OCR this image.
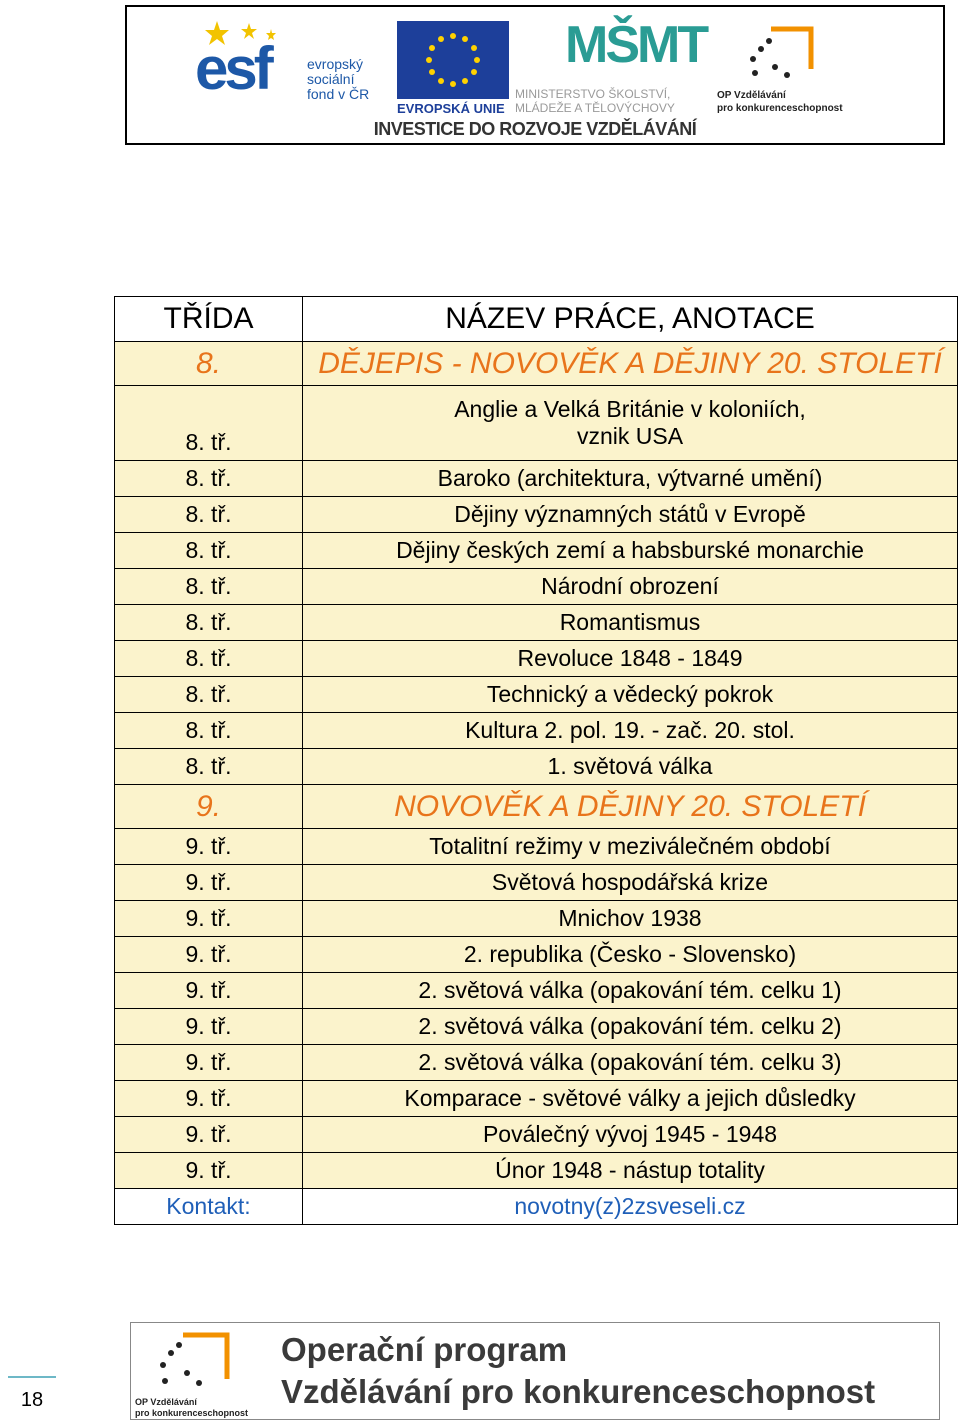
esf	evropský
sociální
fond v ČR
EVROPSKÁ UNIE
MŠMT
MINISTERSTVO ŠKOLSTVÍ,
MLÁDEŽE A TĚLOVÝCHOVY
OP Vzdělávání
pro konkurenceschopnost
INVESTICE DO ROZVOJE VZDĚLÁVÁNÍ
TŘÍDA	NÁZEV PRÁCE, ANOTACE
8.	DĚJEPIS - NOVOVĚK A DĚJINY 20. STOLETÍ
8. tř.	Anglie a Velká Británie v koloniích,
vznik USA

8. tř.	Baroko (architektura, výtvarné umění)
8. tř.	Dějiny významných států v Evropě
8. tř.	Dějiny českých zemí a habsburské monarchie
8. tř.	Národní obrození
8. tř.	Romantismus
8. tř.	Revoluce 1848 - 1849
8. tř.	Technický a vědecký pokrok
8. tř.	Kultura 2. pol. 19. - zač. 20. stol.
8. tř.	1. světová válka
9.	NOVOVĚK A DĚJINY 20. STOLETÍ
9. tř.	Totalitní režimy v meziválečném období
9. tř.	Světová hospodářská krize
9. tř.	Mnichov 1938
9. tř.	2. republika (Česko - Slovensko)
9. tř.	2. světová válka (opakování tém. celku 1)
9. tř.	2. světová válka (opakování tém. celku 2)
9. tř.	2. světová válka (opakování tém. celku 3)
9. tř.	Komparace - světové války a jejich důsledky
9. tř.	Poválečný vývoj 1945 - 1948
9. tř.	Únor 1948 - nástup totality
Kontakt:	novotny(z)2zsveseli.cz
18	OP Vzdělávání
pro konkurenceschopnost
Operační program
Vzdělávání pro konkurenceschopnost
